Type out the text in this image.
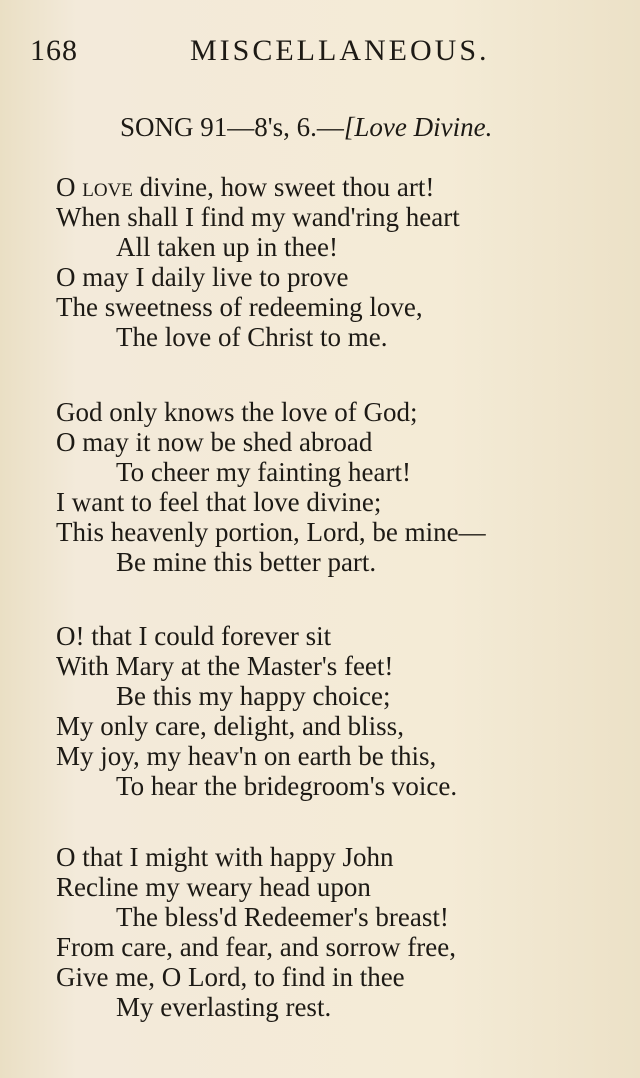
168	MISCELLANEOUS.
SONG 91—8's, 6.—[Love Divine.
O love divine, how sweet thou art!
When shall I find my wand'ring heart
All taken up in thee!
O may I daily live to prove
The sweetness of redeeming love,
The love of Christ to me.
God only knows the love of God;
O may it now be shed abroad
To cheer my fainting heart!
I want to feel that love divine;
This heavenly portion, Lord, be mine—
Be mine this better part.
O! that I could forever sit
With Mary at the Master's feet!
Be this my happy choice;
My only care, delight, and bliss,
My joy, my heav'n on earth be this,
To hear the bridegroom's voice.
O that I might with happy John
Recline my weary head upon
The bless'd Redeemer's breast!
From care, and fear, and sorrow free,
Give me, O Lord, to find in thee
My everlasting rest.
